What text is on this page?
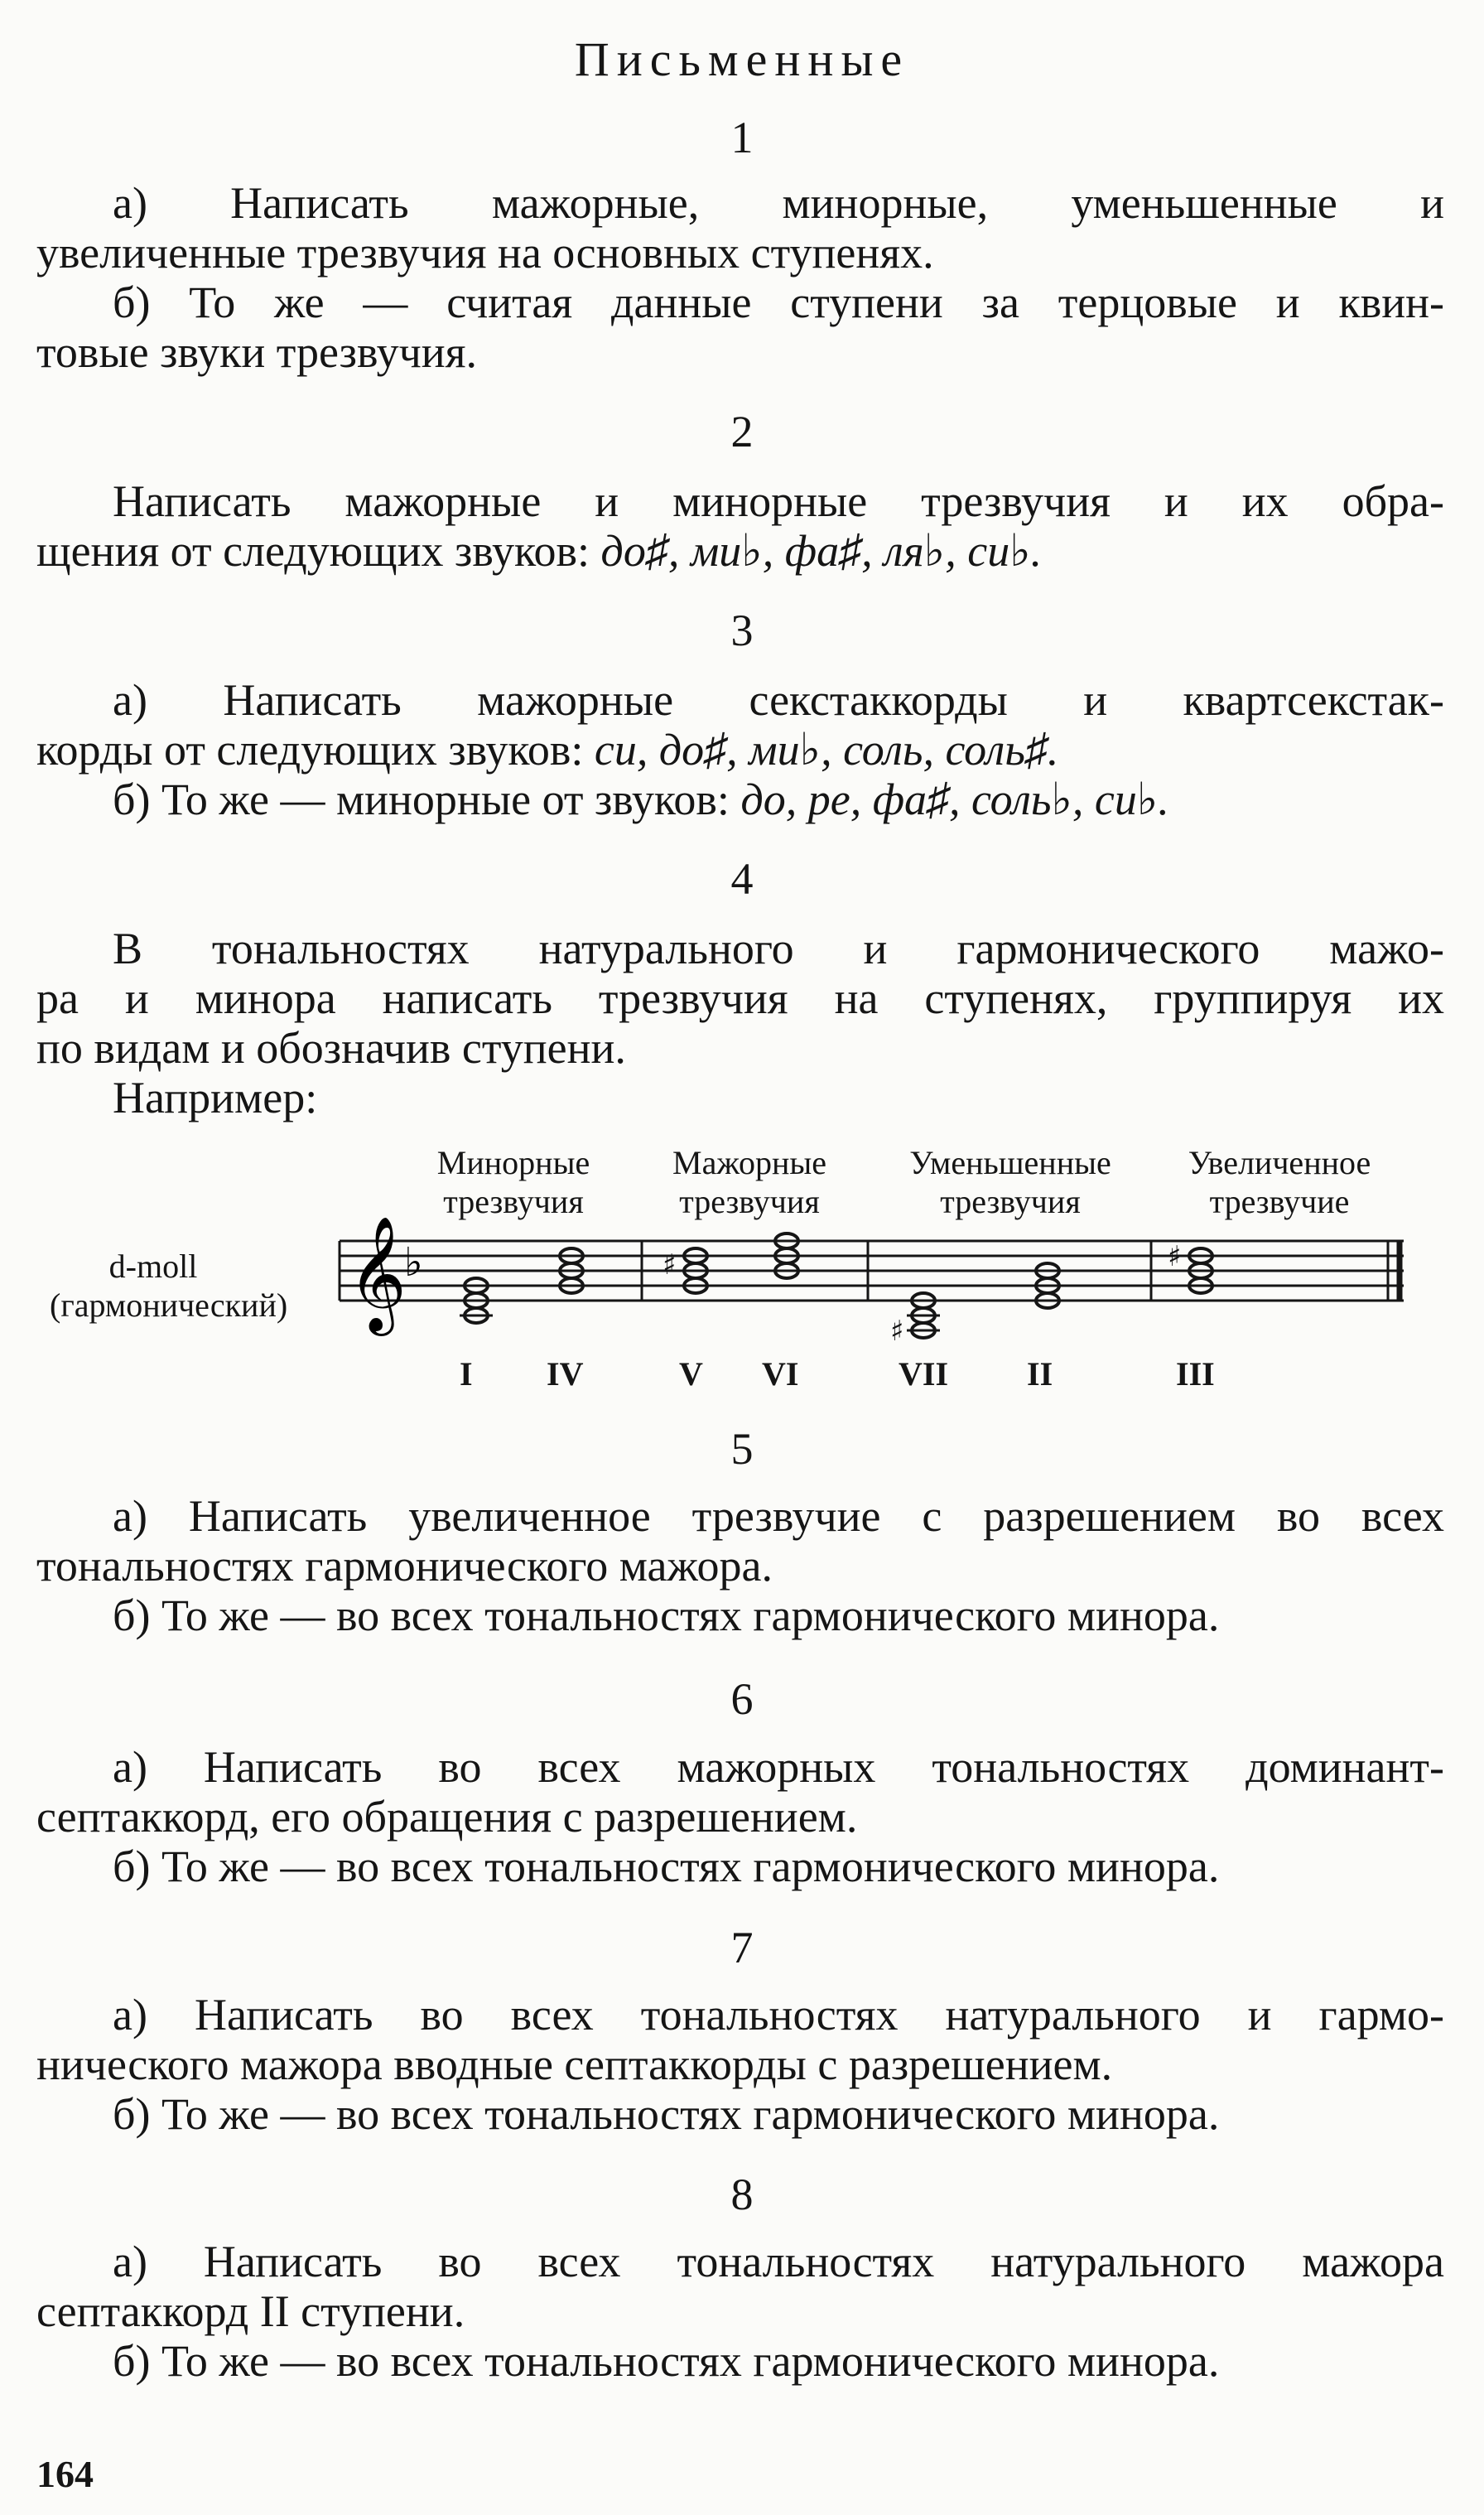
Письменные
1
а) Написать мажорные, минорные, уменьшенные и
увеличенные трезвучия на основных ступенях.
б) То же — считая данные ступени за терцовые и квин-
товые звуки трезвучия.
2
Написать мажорные и минорные трезвучия и их обра-
щения от следующих звуков: до♯, ми♭, фа♯, ля♭, си♭.
3
а) Написать мажорные секстаккорды и квартсекстак-
корды от следующих звуков: си, до♯, ми♭, соль, соль♯.
б) То же — минорные от звуков: до, ре, фа♯, соль♭, си♭.
4
В тональностях натурального и гармонического мажо-
ра и минора написать трезвучия на ступенях, группируя их
по видам и обозначив ступени.
Например:
Минорные
трезвучия
Мажорные
трезвучия
Уменьшенные
трезвучия
Увеличенное
трезвучие
d-moll
(гармонический) 𝄞
♭	♯
♯
♯
I IV	V VI	VII II	III
5
а) Написать увеличенное трезвучие с разрешением во всех
тональностях гармонического мажора.
б) То же — во всех тональностях гармонического минора.
6
а) Написать во всех мажорных тональностях доминант-
септаккорд, его обращения с разрешением.
б) То же — во всех тональностях гармонического минора.
7
а) Написать во всех тональностях натурального и гармо-
нического мажора вводные септаккорды с разрешением.
б) То же — во всех тональностях гармонического минора.
8
а) Написать во всех тональностях натурального мажора
септаккорд II ступени.
б) То же — во всех тональностях гармонического минора.
164
